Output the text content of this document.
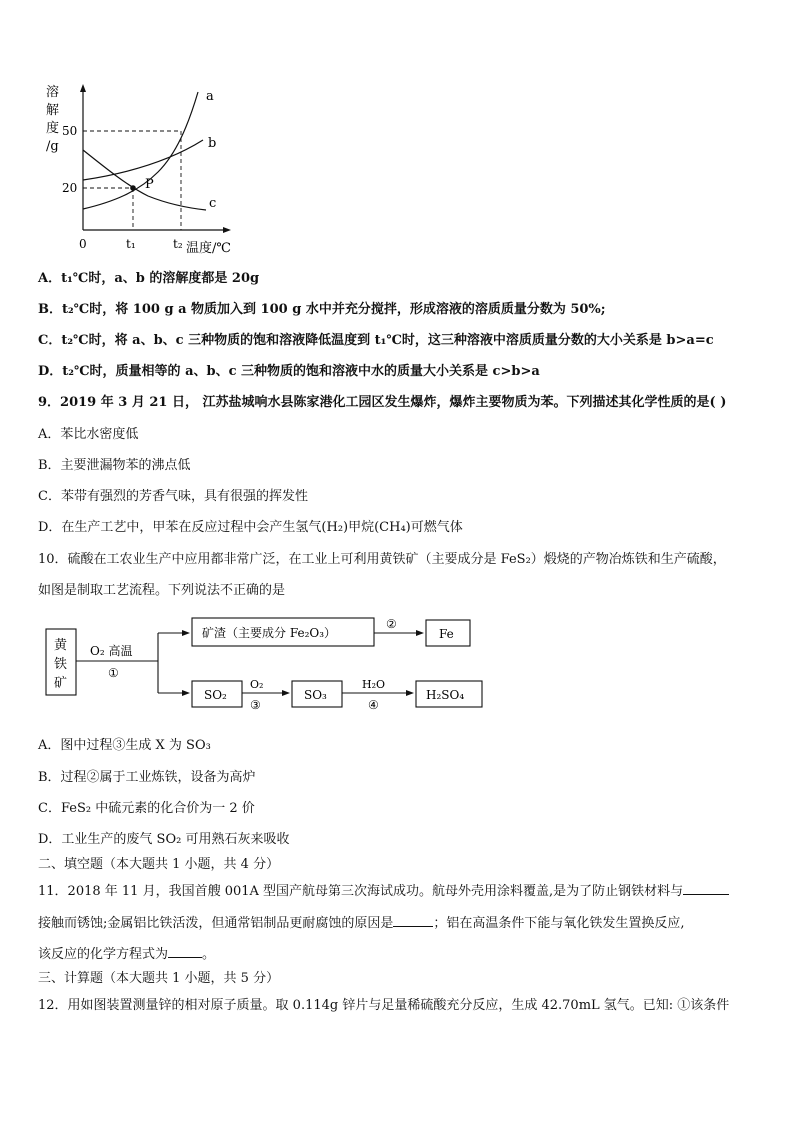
溶
解
度
/g
50
20	P
a
b
c
0	t₁	t₂ 温度/℃
A．t₁℃时，a、b 的溶解度都是 20g
B．t₂℃时，将 100 g a 物质加入到 100 g 水中并充分搅拌，形成溶液的溶质质量分数为 50%;
C．t₂℃时，将 a、b、c 三种物质的饱和溶液降低温度到 t₁℃时，这三种溶液中溶质质量分数的大小关系是 b>a=c
D．t₂℃时，质量相等的 a、b、c 三种物质的饱和溶液中水的质量大小关系是 c>b>a
9．2019 年 3 月 21 日， 江苏盐城响水县陈家港化工园区发生爆炸，爆炸主要物质为苯。下列描述其化学性质的是( )
A．苯比水密度低
B．主要泄漏物苯的沸点低
C．苯带有强烈的芳香气味，具有很强的挥发性
D．在生产工艺中，甲苯在反应过程中会产生氢气(H₂)甲烷(CH₄)可燃气体
10．硫酸在工农业生产中应用都非常广泛，在工业上可利用黄铁矿（主要成分是 FeS₂）煅烧的产物冶炼铁和生产硫酸，
如图是制取工艺流程。下列说法不正确的是
黄
铁
矿
O₂ 高温
①
矿渣（主要成分 Fe₂O₃）
②
Fe
SO₂
O₂
③
SO₃
H₂O
④
H₂SO₄
A．图中过程③生成 X 为 SO₃
B．过程②属于工业炼铁，设备为高炉
C．FeS₂ 中硫元素的化合价为一 2 价
D．工业生产的废气 SO₂ 可用熟石灰来吸收
二、填空题（本大题共 1 小题，共 4 分）
11．2018 年 11 月，我国首艘 001A 型国产航母第三次海试成功。航母外壳用涂料覆盖,是为了防止钢铁材料与
接触而锈蚀;金属铝比铁活泼，但通常铝制品更耐腐蚀的原因是	；铝在高温条件下能与氧化铁发生置换反应,
该反应的化学方程式为	。
三、计算题（本大题共 1 小题，共 5 分）
12．用如图装置测量锌的相对原子质量。取 0.114g 锌片与足量稀硫酸充分反应，生成 42.70mL 氢气。已知: ①该条件
